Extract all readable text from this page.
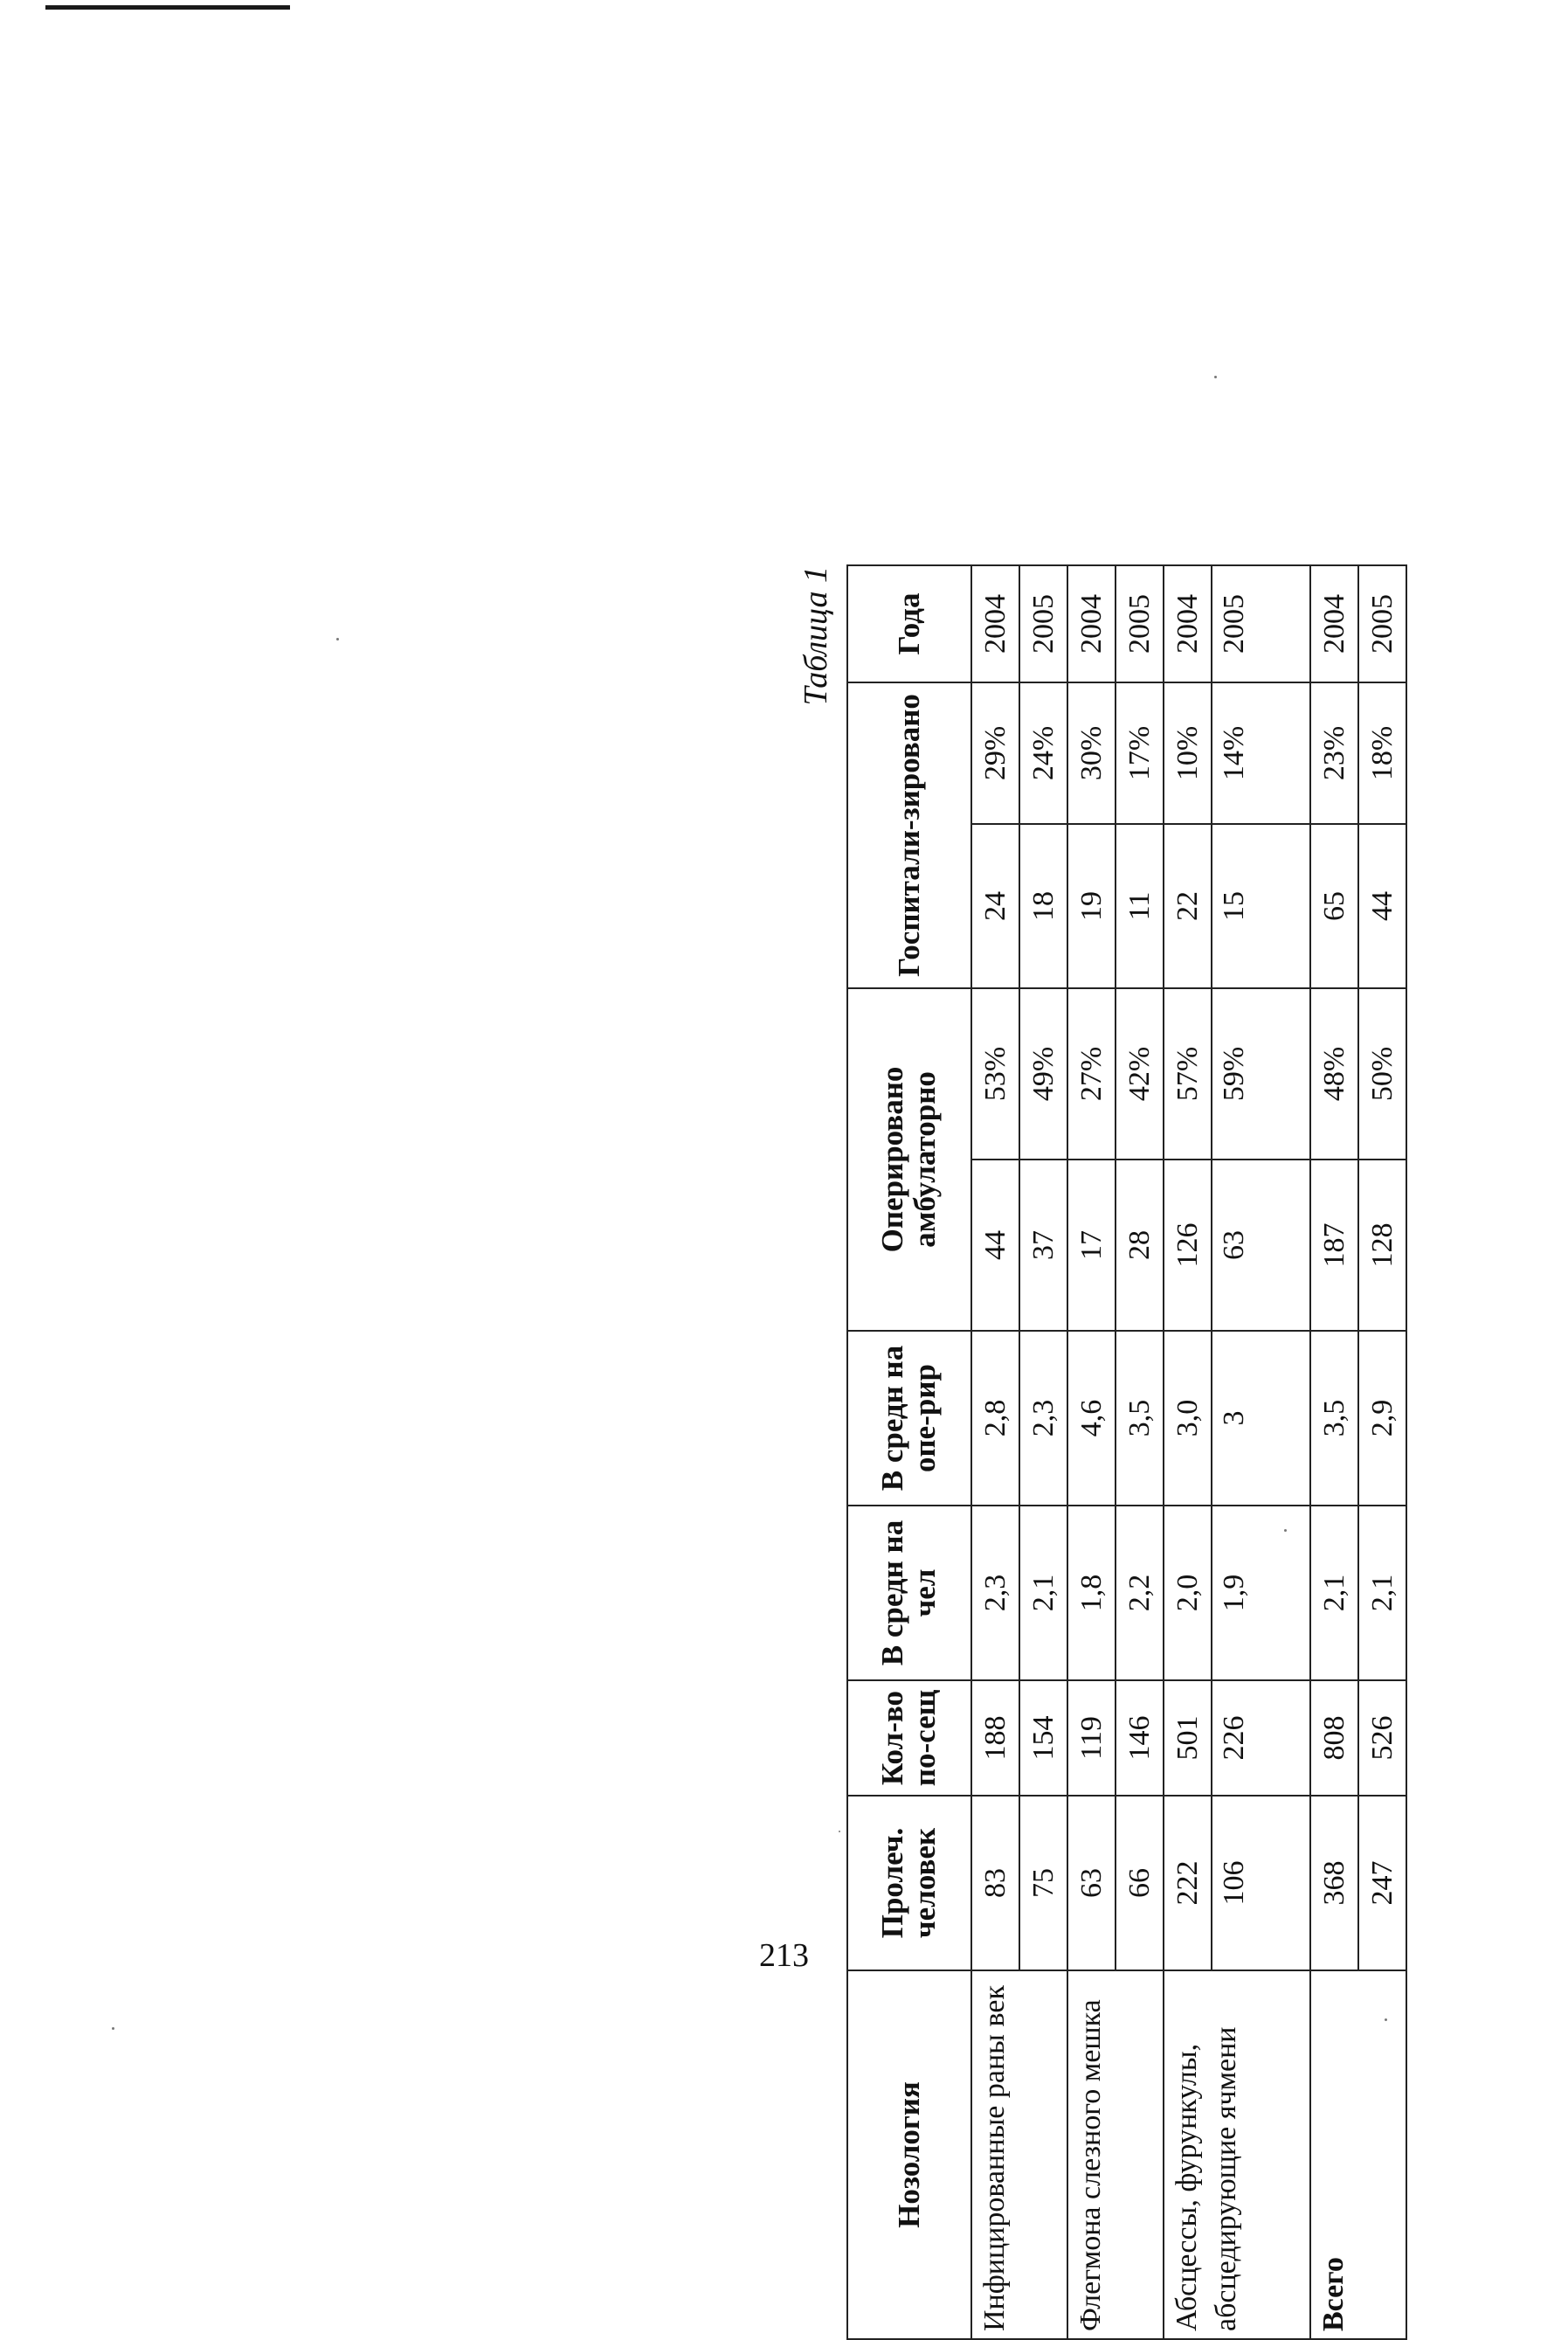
Таблица 1
Нозология	Пролеч. человек	Кол-во по-сещ	В средн на чел	В средн на опе-рир	Оперировано амбулаторно		Госпитали-зировано		Года
Инфицированные раны век	83	188	2,3	2,8	44	53%	24	29%	2004
	75	154	2,1	2,3	37	49%	18	24%	2005
Флегмона слезного мешка	63	119	1,8	4,6	17	27%	19	30%	2004
	66	146	2,2	3,5	28	42%	11	17%	2005
Абсцессы, фурункулы, абсцедирующие ячмени	222	501	2,0	3,0	126	57%	22	10%	2004
	106	226	1,9	3	63	59%	15	14%	2005
Всего	368	808	2,1	3,5	187	48%	65	23%	2004
	247	526	2,1	2,9	128	50%	44	18%	2005
213
